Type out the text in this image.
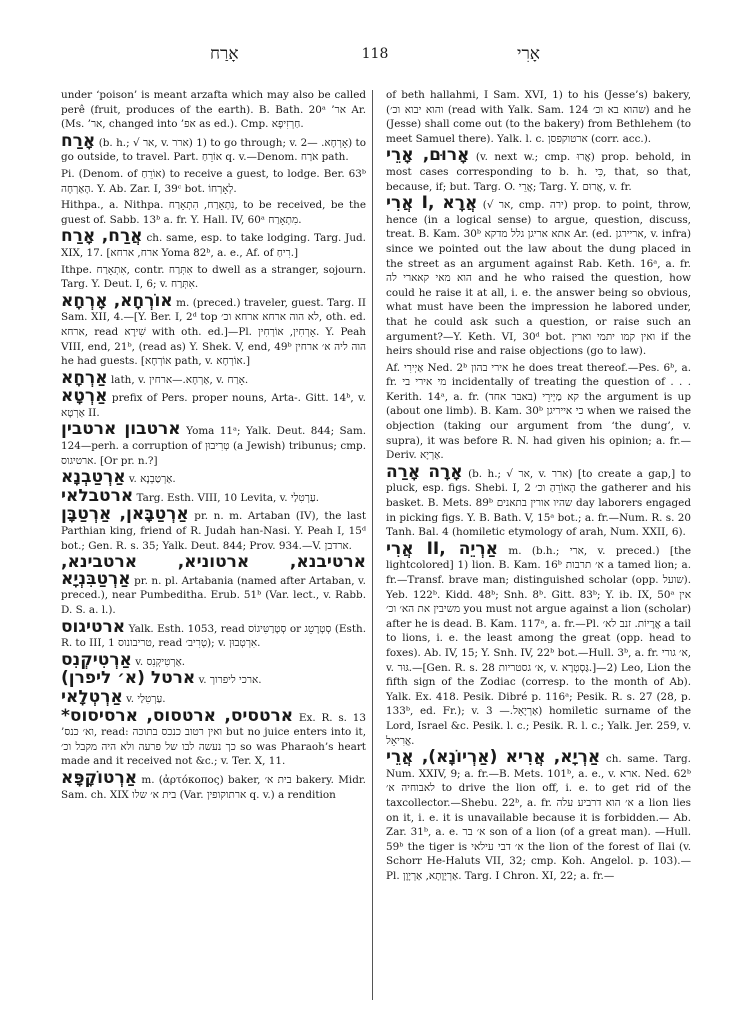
אָרַח	118	אָרִי

under ‘poison’ is meant arzafta which may also be called perê (fruit, produces of the earth). B. Bath. 20ᵃ ’אר Ar. (Ms. ’אר, changed into ’אפ as ed.). Cmp. חַרְזִיפָא.

אָרַח (b. h.; √ אר, v. ארר) 1) to go through; v. אָרְחָא. —2) to go outside, to travel. Part. אוֹרֵחַ q. v.—Denom. אֹרַח path.

Pi. (Denom. of אוֹרֵחַ) to receive a guest, to lodge. Ber. 63ᵇ הָאַרְחָה. Y. Ab. Zar. I, 39ᶜ bot. לְאָרְחוֹ.

Hithpa., a. Nithpa. נִתְאָרַח, הִתְאָרַח, to be received, be the guest of. Sabb. 13ᵇ a. fr. Y. Hall. IV, 60ᵃ מִתְאָרַח.

אֲרַח, אָרַח ch. same, esp. to take lodging. Targ. Jud. XIX, 17. [ארח, ארחא Yoma 82ᵇ, a. e., Af. of רִיחַ.]

Ithpe. אִתְאָרַח, contr. אִתְּרַח to dwell as a stranger, sojourn. Targ. Y. Deut. I, 6; v. אִתְּרַח.

אוֹרְחָא, אָרְחָא m. (preced.) traveler, guest. Targ. II Sam. XII, 4.—[Y. Ber. I, 2ᵈ top לא הוה ארחא ארחא וכ׳, oth. ed. ארחא, read שִׁירָא with oth. ed.]—Pl. אָרְחִין, אוֹרְחִין. Y. Peah VIII, end, 21ᵇ, (read as) Y. Shek. V, end, 49ᵇ הוה ליה א׳ ארחין he had guests. [אוֹרְחָא path, v. אוֹרְחָא.]

אַרְחָא lath, v. אַרְחָא.—ארחין, v. אָרַח.

אַרְטָא prefix of Pers. proper nouns, Arta-. Gitt. 14ᵇ, v. אַרְטָא II.

ארטבון ארטבין Yoma 11ᵃ; Yalk. Deut. 844; Sam. 124—perh. a corruption of טְרִיבוּן (a Jewish) tribunus; cmp. ארטיגוס. [Or pr. n.?]

אַרְטַבְנָא v. אַרְטַבְנָא.

ארטבלאי Targ. Esth. VIII, 10 Levita, v. עַרְטִלַי.

אַרְטַבָּאן, אַרְטַבָּן pr. n. m. Artaban (IV), the last Parthian king, friend of R. Judah han-Nasi. Y. Peah I, 15ᵈ bot.; Gen. R. s. 35; Yalk. Deut. 844; Prov. 934.—V. ארדבן.

ארטיבנא, ארטוניא, ארטבינא, אַרְטַבִּנְיָא pr. n. pl. Artabania (named after Artaban, v. preced.), near Pumbeditha. Erub. 51ᵇ (Var. lect., v. Rabb. D. S. a. l.).

ארטיגוס Yalk. Esth. 1053, read סְטָרַטִּיגוֹס or סְטְרָטֵג (Esth. R. to III, 1 טריבונוס, read טְרִיב׳); v. אִרְטְבוּן.

אַרְטִיקְנִס v. אַרְטִיקְנִס.

ארטל (א׳ ליפרן) v. ארכי ליפרוך.

אַרְטְלָאי v. עַרְטִלַי.

*ארטסיס, ארטסוס, ארסיסוס Ex. R. s. 13 ’וא׳ כנס, read: ואין רטוב כנכס בתוכה but no juice enters into it, כך נעשה לבו של פרעה ולא היה מקבל וכ׳ so was Pharaoh’s heart made and it received not &c.; v. Ter. X, 11.

אַרְטוֹקָפָּא m. (ἀρτόκοπος) baker, בית א׳ bakery. Midr. Sam. ch. XIX בית א׳ שלו (Var. ארתוקופין q. v.) a rendition

of beth hallahmi, I Sam. XVI, 1) to his (Jesse’s) bakery, (והוא יבוא וכ׳ (read with Yalk. Sam. 124 שהוא בא וכ׳) and he (Jesse) shall come out (to the bakery) from Bethlehem (to meet Samuel there). Yalk. l. c. ארטוקפסן (corr. acc.).

אָרוּם, אָרֵי (v. next w.; cmp. אֲרוּ) prop. behold, in most cases corresponding to b. h. כִּי, that, so that, because, if; but. Targ. O. אֲרֵי; Targ. Y. אֲרוּם, v. fr.

אֲרִי I, אֲרָא (√ אר, cmp. ירה) prop. to point, throw, hence (in a logical sense) to argue, question, discuss, treat. B. Kam. 30ᵇ אתא אריגן גלל מדקא Ar. (ed. אריירגן, v. infra) since we pointed out the law about the dung placed in the street as an argument against Rab. Keth. 16ᵃ, a. fr. הוא מאי קאארי לה and he who raised the question, how could he raise it at all, i. e. the answer being so obvious, what must have been the impression he labored under, that he could ask such a question, or raise such an argument?—Y. Keth. VI, 30ᵈ bot. ואין קמו יתמי וארין if the heirs should rise and raise objections (go to law).

Af. אַיְירִי Ned. 2ᵇ אירי בהון he does treat thereof.—Pes. 6ᵇ, a. fr. מי אירי בי incidentally of treating the question of . . . Kerith. 14ᵃ, a. fr. (באבר אחד) קא מַיְירֵי the argument is up (about one limb). B. Kam. 30ᵇ כי אייריגן when we raised the objection (taking our argument from ‘the dung’, v. supra), it was before R. N. had given his opinion; a. fr.—Deriv. אַרְיָא.

אָרָה אָרַה (b. h.; √ אר, v. ארר) [to create a gap,] to pluck, esp. figs. Shebi. I, 2 הָאוֹרֵהַ וכ׳ the gatherer and his basket. B. Mets. 89ᵇ שהיו אורין בתאנים day laborers engaged in picking figs. Y. B. Bath. V, 15ᵃ bot.; a. fr.—Num. R. s. 20 Tanh. Bal. 4 (homiletic etymology of arah, Num. XXII, 6).

אֲרִי II, אַרְיֵה m. (b.h.; ארי, v. preced.) [the lightcolored] 1) lion. B. Kam. 16ᵇ א׳ תרבות a tamed lion; a. fr.—Transf. brave man; distinguished scholar (opp. שועל). Yeb. 122ᵇ. Kidd. 48ᵇ; Snh. 8ᵇ. Gitt. 83ᵇ; Y. ib. IX, 50ᵃ אין משיבין את הא׳ וכ׳ you must not argue against a lion (scholar) after he is dead. B. Kam. 117ᵃ, a. fr.—Pl. אֲרָיוֹת. זנב לא׳ a tail to lions, i. e. the least among the great (opp. head to foxes). Ab. IV, 15; Y. Snh. IV, 22ᵇ bot.—Hull. 3ᵇ, a. fr. א׳ גורי, v. גּוּר.—[Gen. R. s. 28 א׳ גסטריות, v. גַּסְטְרָא.]—2) Leo, Lion the fifth sign of the Zodiac (corresp. to the month of Ab). Yalk. Ex. 418. Pesik. Dibré p. 116ᵃ; Pesik. R. s. 27 (28, p. 133ᵇ, ed. Fr.); v. אַרְיָאֵל.— 3) homiletic surname of the Lord, Israel &c. Pesik. l. c.; Pesik. R. l. c.; Yalk. Jer. 259, v. אֲרִיאֵל.

אַרְיָא, אֲרִיא (אַרְיוֹנָא), אֲרֵי ch. same. Targ. Num. XXIV, 9; a. fr.—B. Mets. 101ᵇ, a. e., v. ארא. Ned. 62ᵇ לאבוחיה א׳ to drive the lion off, i. e. to get rid of the taxcollector.—Shebu. 22ᵇ, a. fr. א׳ הוא דרביע עלה a lion lies on it, i. e. it is unavailable because it is forbidden.— Ab. Zar. 31ᵇ, a. e. א׳ בר son of a lion (of a great man). —Hull. 59ᵇ the tiger is א׳ דבי עילאי the lion of the forest of Ilai (v. Schorr He-Haluts VII, 32; cmp. Koh. Angelol. p. 103).—Pl. אַרְיָוָתָא, אַרְיָוָן. Targ. I Chron. XI, 22; a. fr.—
